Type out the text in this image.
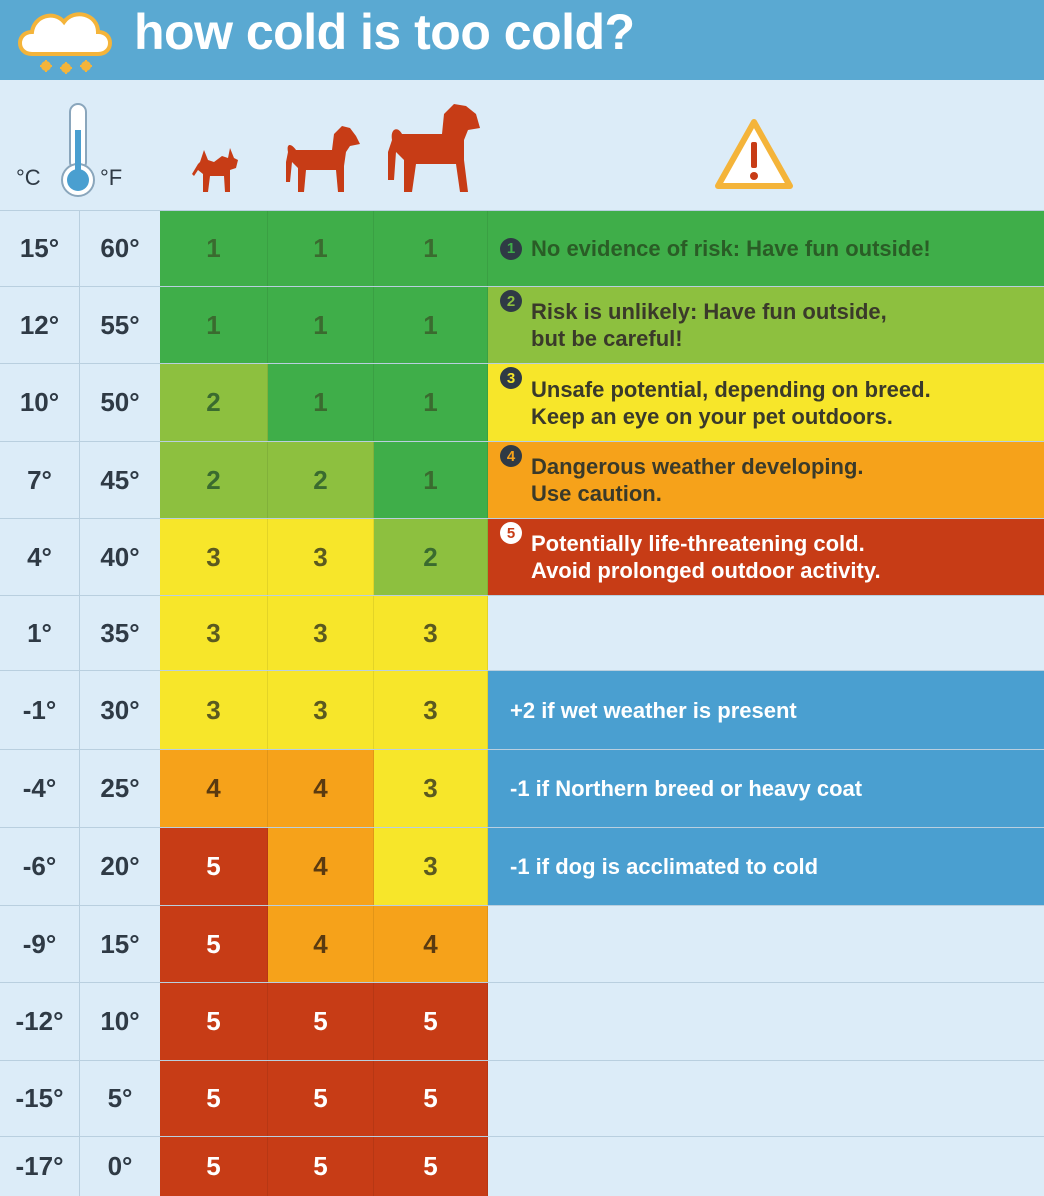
how cold is too cold?
°C	°F
15°	60°	1	1	1	1 No evidence of risk: Have fun outside!
12°	55°	1	1	1
2 Risk is unlikely: Have fun outside,
but be careful!
10°	50°	2	1	1
3 Unsafe potential, depending on breed.
Keep an eye on your pet outdoors.
7°	45°	2	2	1
4 Dangerous weather developing.
Use caution.
4°	40°	3	3	2
5 Potentially life-threatening cold.
Avoid prolonged outdoor activity.
1°	35°	3	3	3
-1°	30°	3	3	3	+2 if wet weather is present
-4°	25°	4	4	3	-1 if Northern breed or heavy coat
-6°	20°	5	4	3	-1 if dog is acclimated to cold
-9°	15°	5	4	4
-12°	10°	5	5	5
-15°	5°	5	5	5
-17°	0°	5	5	5
